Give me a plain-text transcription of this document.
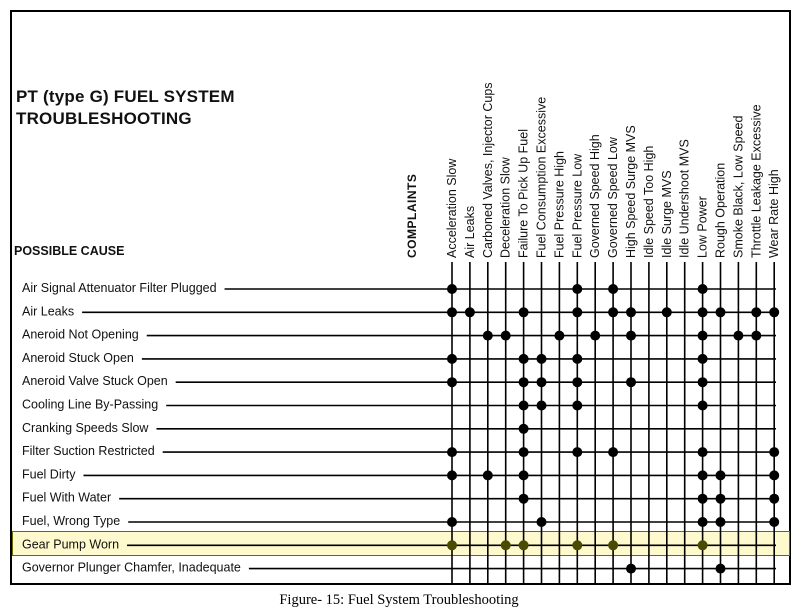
PT (type G) FUEL SYSTEM
TROUBLESHOOTING
POSSIBLE CAUSE	COMPLAINTS Acceleration Slow Air Leaks Carboned Valves, Injector Cups Deceleration Slow Failure To Pick Up Fuel Fuel Consumption Excessive Fuel Pressure High Fuel Pressure Low Governed Speed High Governed Speed Low High Speed Surge MVS Idle Speed Too High Idle Surge MVS Idle Undershoot MVS Low Power Rough Operation Smoke Black, Low Speed Throttle Leakage Excessive Wear Rate High
Air Signal Attenuator Filter Plugged
Air Leaks
Aneroid Not Opening
Aneroid Stuck Open
Aneroid Valve Stuck Open
Cooling Line By-Passing
Cranking Speeds Slow
Filter Suction Restricted
Fuel Dirty
Fuel With Water
Fuel, Wrong Type
Gear Pump Worn
Governor Plunger Chamfer, Inadequate
Figure- 15: Fuel System Troubleshooting
